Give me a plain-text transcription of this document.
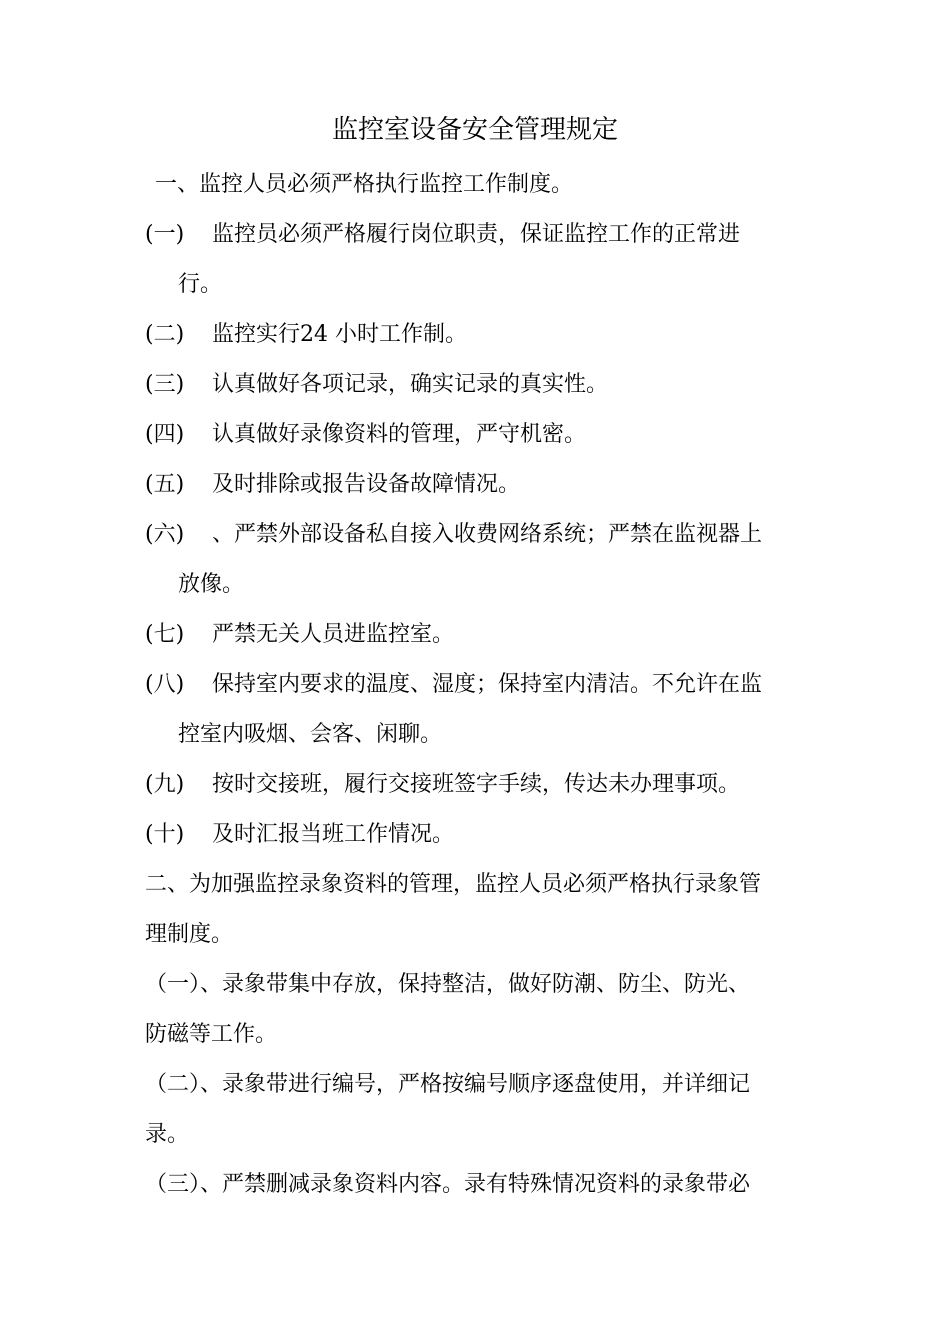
监控室设备安全管理规定
一、监控人员必须严格执行监控工作制度。
(一) 监控员必须严格履行岗位职责，保证监控工作的正常进
行。
(二) 监控实行24 小时工作制。
(三) 认真做好各项记录，确实记录的真实性。
(四) 认真做好录像资料的管理，严守机密。
(五) 及时排除或报告设备故障情况。
(六) 、严禁外部设备私自接入收费网络系统；严禁在监视器上
放像。
(七) 严禁无关人员进监控室。
(八) 保持室内要求的温度、湿度；保持室内清洁。不允许在监
控室内吸烟、会客、闲聊。
(九) 按时交接班，履行交接班签字手续，传达未办理事项。
(十) 及时汇报当班工作情况。
二、为加强监控录象资料的管理，监控人员必须严格执行录象管
理制度。
（一）、录象带集中存放，保持整洁，做好防潮、防尘、防光、
防磁等工作。
（二）、录象带进行编号，严格按编号顺序逐盘使用，并详细记
录。
（三）、严禁删减录象资料内容。录有特殊情况资料的录象带必
